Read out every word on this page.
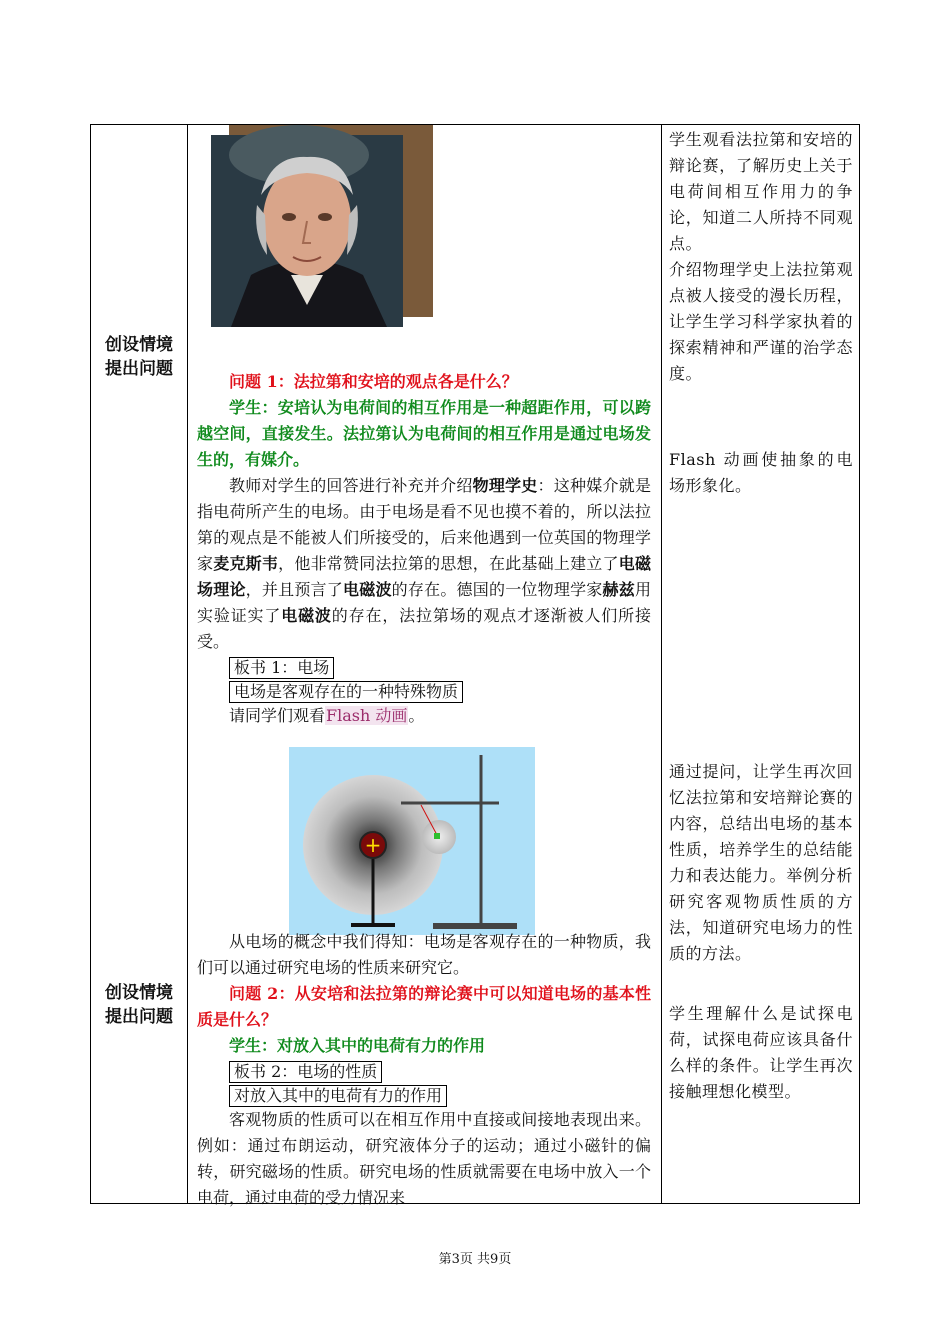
创设情境
提出问题
创设情境
提出问题

问题 1：法拉第和安培的观点各是什么？

学生：安培认为电荷间的相互作用是一种超距作用，可以跨越空间，直接发生。法拉第认为电荷间的相互作用是通过电场发生的，有媒介。

教师对学生的回答进行补充并介绍物理学史：这种媒介就是指电荷所产生的电场。由于电场是看不见也摸不着的，所以法拉第的观点是不能被人们所接受的，后来他遇到一位英国的物理学家麦克斯韦，他非常赞同法拉第的思想，在此基础上建立了电磁场理论，并且预言了电磁波的存在。德国的一位物理学家赫兹用实验证实了电磁波的存在，法拉第场的观点才逐渐被人们所接受。

板书 1：电场
电场是客观存在的一种特殊物质

请同学们观看Flash 动画。

+

从电场的概念中我们得知：电场是客观存在的一种物质，我们可以通过研究电场的性质来研究它。

问题 2：从安培和法拉第的辩论赛中可以知道电场的基本性质是什么？

学生：对放入其中的电荷有力的作用

板书 2：电场的性质
对放入其中的电荷有力的作用

客观物质的性质可以在相互作用中直接或间接地表现出来。例如：通过布朗运动，研究液体分子的运动；通过小磁针的偏转，研究磁场的性质。研究电场的性质就需要在电场中放入一个电荷，通过电荷的受力情况来

学生观看法拉第和安培的辩论赛，了解历史上关于电荷间相互作用力的争论，知道二人所持不同观点。

介绍物理学史上法拉第观点被人接受的漫长历程，让学生学习科学家执着的探索精神和严谨的治学态度。

Flash 动画使抽象的电场形象化。

通过提问，让学生再次回忆法拉第和安培辩论赛的内容，总结出电场的基本性质，培养学生的总结能力和表达能力。举例分析研究客观物质性质的方法，知道研究电场力的性质的方法。

学生理解什么是试探电荷，试探电荷应该具备什么样的条件。让学生再次接触理想化模型。

第3页 共9页
